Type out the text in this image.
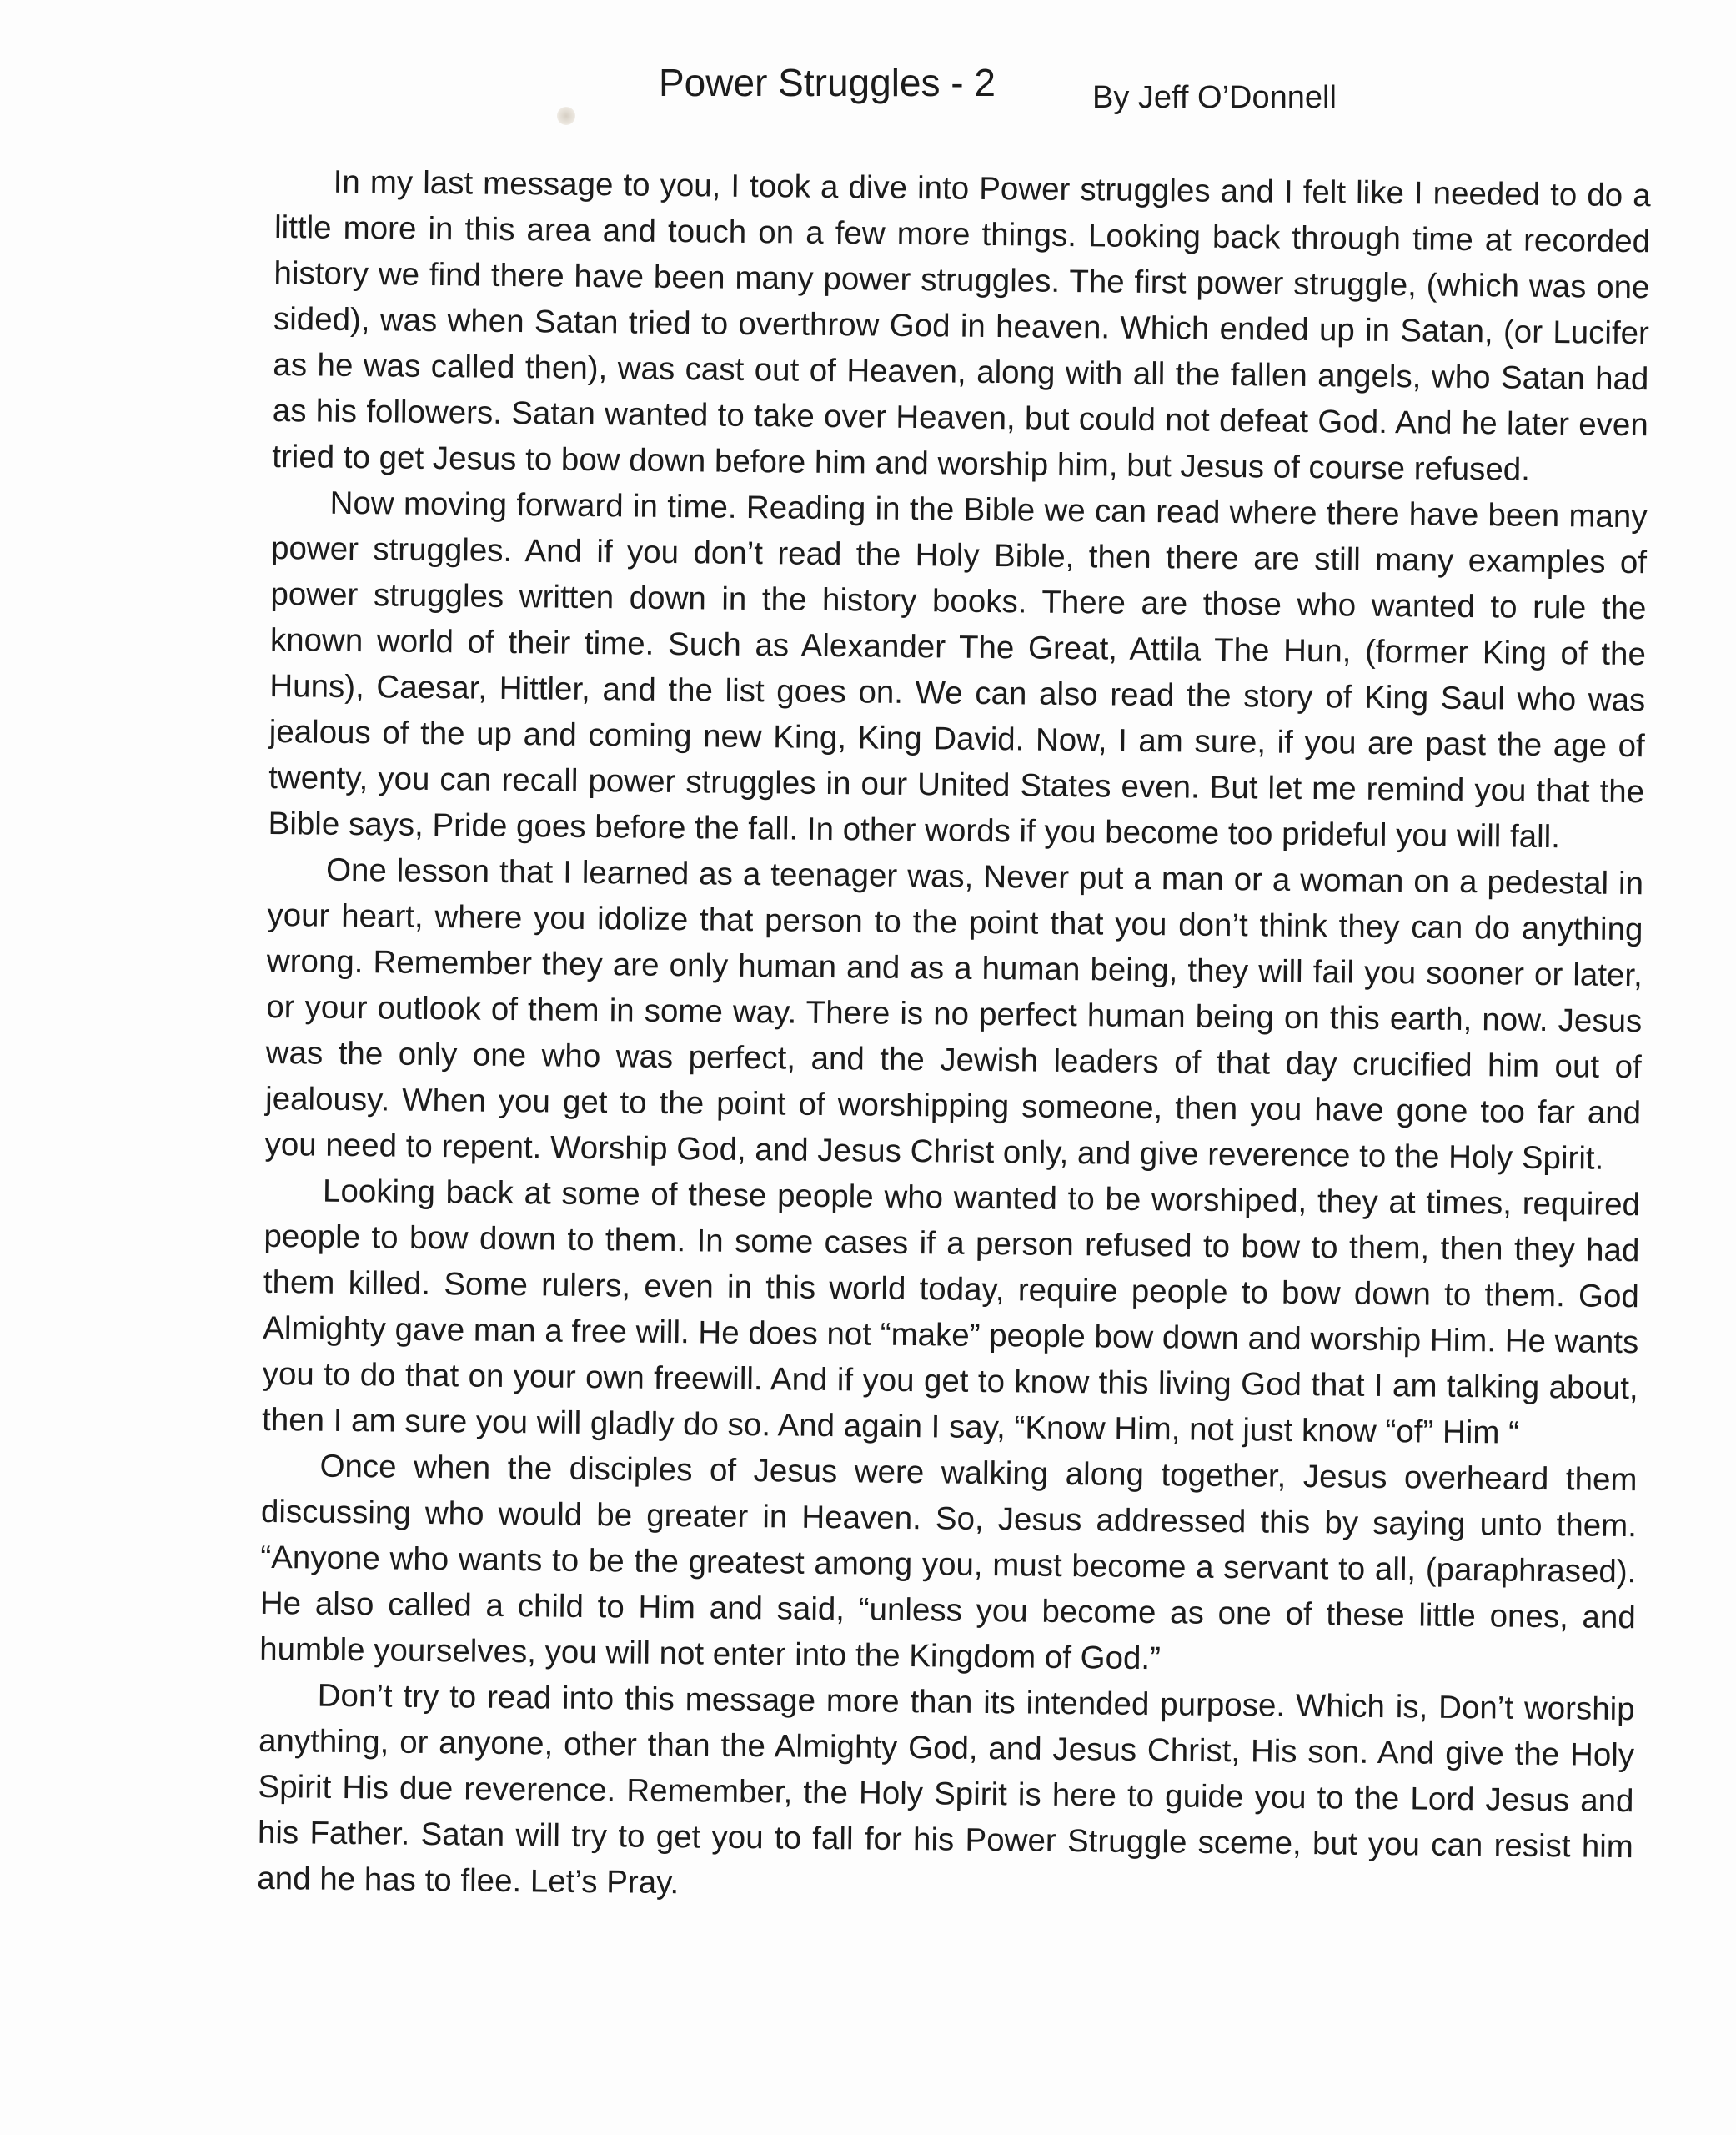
Power Struggles - 2	By Jeff O’Donnell

In my last message to you, I took a dive into Power struggles and I felt like I needed to do a little more in this area and touch on a few more things. Looking back through time at recorded history we find there have been many power struggles. The first power struggle, (which was one sided), was when Satan tried to overthrow God in heaven. Which ended up in Satan, (or Lucifer as he was called then), was cast out of Heaven, along with all the fallen angels, who Satan had as his followers. Satan wanted to take over Heaven, but could not defeat God. And he later even tried to get Jesus to bow down before him and worship him, but Jesus of course refused.

Now moving forward in time. Reading in the Bible we can read where there have been many power struggles. And if you don’t read the Holy Bible, then there are still many examples of power struggles written down in the history books. There are those who wanted to rule the known world of their time. Such as Alexander The Great, Attila The Hun, (former King of the Huns), Caesar, Hittler, and the list goes on. We can also read the story of King Saul who was jealous of the up and coming new King, King David. Now, I am sure, if you are past the age of twenty, you can recall power struggles in our United States even. But let me remind you that the Bible says, Pride goes before the fall. In other words if you become too prideful you will fall.

One lesson that I learned as a teenager was, Never put a man or a woman on a pedestal in your heart, where you idolize that person to the point that you don’t think they can do anything wrong. Remember they are only human and as a human being, they will fail you sooner or later, or your outlook of them in some way. There is no perfect human being on this earth, now. Jesus was the only one who was perfect, and the Jewish leaders of that day crucified him out of jealousy. When you get to the point of worshipping someone, then you have gone too far and you need to repent. Worship God, and Jesus Christ only, and give reverence to the Holy Spirit.

Looking back at some of these people who wanted to be worshiped, they at times, required people to bow down to them. In some cases if a person refused to bow to them, then they had them killed. Some rulers, even in this world today, require people to bow down to them. God Almighty gave man a free will. He does not “make” people bow down and worship Him. He wants you to do that on your own freewill. And if you get to know this living God that I am talking about, then I am sure you will gladly do so. And again I say, “Know Him, not just know “of” Him “

Once when the disciples of Jesus were walking along together, Jesus overheard them discussing who would be greater in Heaven. So, Jesus addressed this by saying unto them. “Anyone who wants to be the greatest among you, must become a servant to all, (paraphrased). He also called a child to Him and said, “unless you become as one of these little ones, and humble yourselves, you will not enter into the Kingdom of God.”

Don’t try to read into this message more than its intended purpose. Which is, Don’t worship anything, or anyone, other than the Almighty God, and Jesus Christ, His son. And give the Holy Spirit His due reverence. Remember, the Holy Spirit is here to guide you to the Lord Jesus and his Father. Satan will try to get you to fall for his Power Struggle sceme, but you can resist him and he has to flee. Let’s Pray.
